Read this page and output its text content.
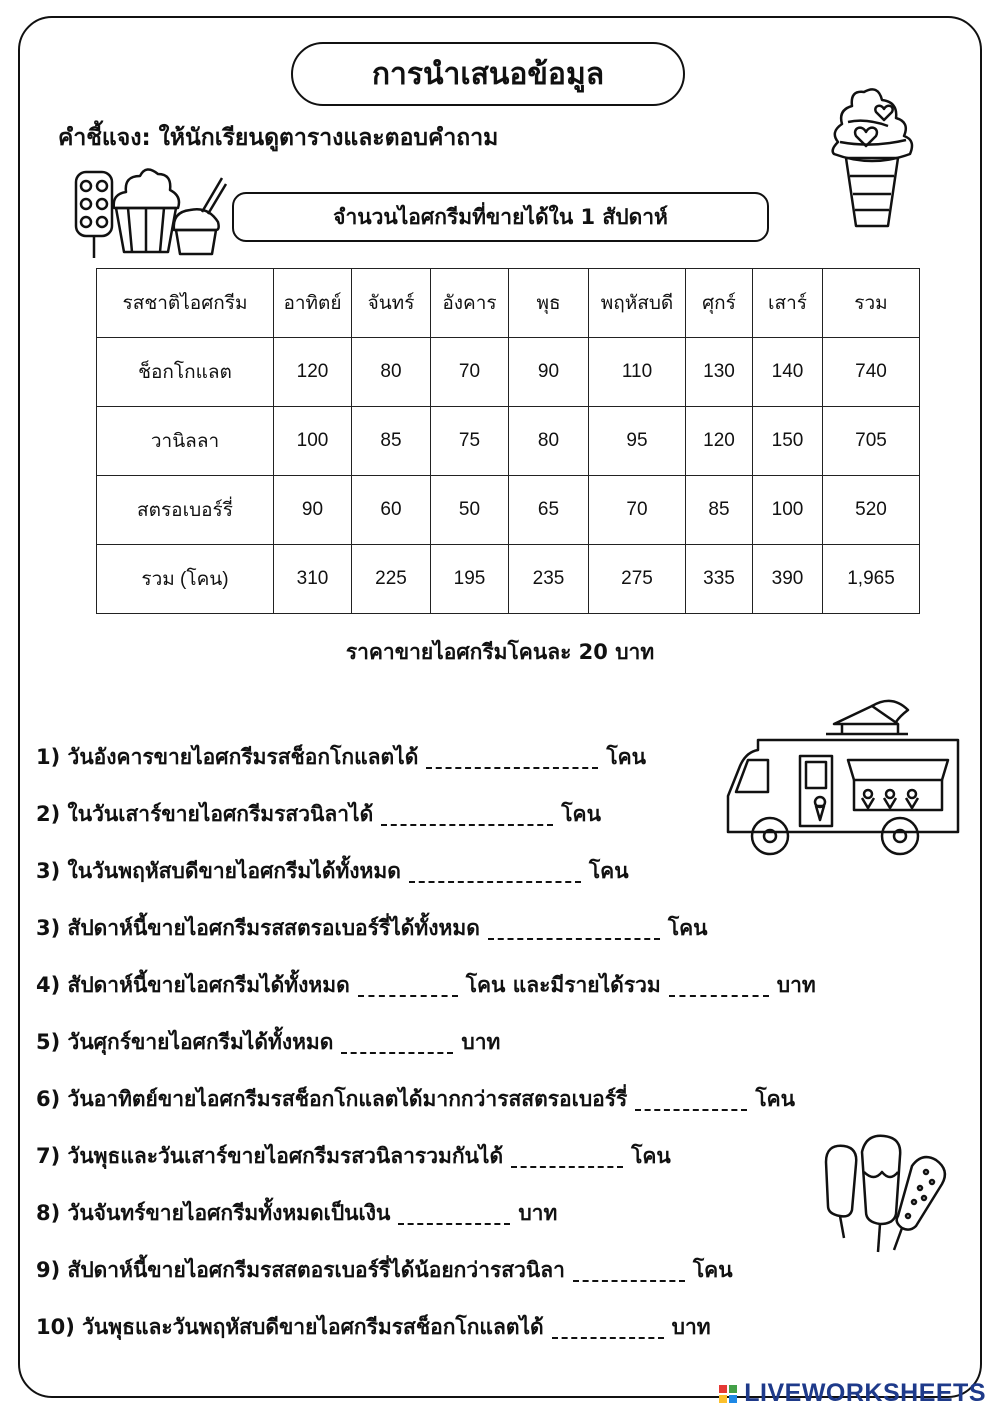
การนำเสนอข้อมูล
คำชี้แจง: ให้นักเรียนดูตารางและตอบคำถาม
จำนวนไอศกรีมที่ขายได้ใน 1 สัปดาห์
รสชาติไอศกรีม	อาทิตย์	จันทร์	อังคาร	พุธ	พฤหัสบดี	ศุกร์	เสาร์	รวม
ช็อกโกแลต	120	80	70	90	110	130	140	740
วานิลลา	100	85	75	80	95	120	150	705
สตรอเบอร์รี่	90	60	50	65	70	85	100	520
รวม (โคน)	310	225	195	235	275	335	390	1,965
ราคาขายไอศกรีมโคนละ 20 บาท
1) วันอังคารขายไอศกรีมรสช็อกโกแลตได้	โคน
2) ในวันเสาร์ขายไอศกรีมรสวนิลาได้	โคน
3) ในวันพฤหัสบดีขายไอศกรีมได้ทั้งหมด	โคน
3) สัปดาห์นี้ขายไอศกรีมรสสตรอเบอร์รี่ได้ทั้งหมด	โคน
4) สัปดาห์นี้ขายไอศกรีมได้ทั้งหมด	โคน และมีรายได้รวม	บาท
5) วันศุกร์ขายไอศกรีมได้ทั้งหมด	บาท
6) วันอาทิตย์ขายไอศกรีมรสช็อกโกแลตได้มากกว่ารสสตรอเบอร์รี่	โคน
7) วันพุธและวันเสาร์ขายไอศกรีมรสวนิลารวมกันได้	โคน
8) วันจันทร์ขายไอศกรีมทั้งหมดเป็นเงิน	บาท
9) สัปดาห์นี้ขายไอศกรีมรสสตอรเบอร์รี่ได้น้อยกว่ารสวนิลา	โคน
10) วันพุธและวันพฤหัสบดีขายไอศกรีมรสช็อกโกแลตได้	บาท
LIVEWORKSHEETS
